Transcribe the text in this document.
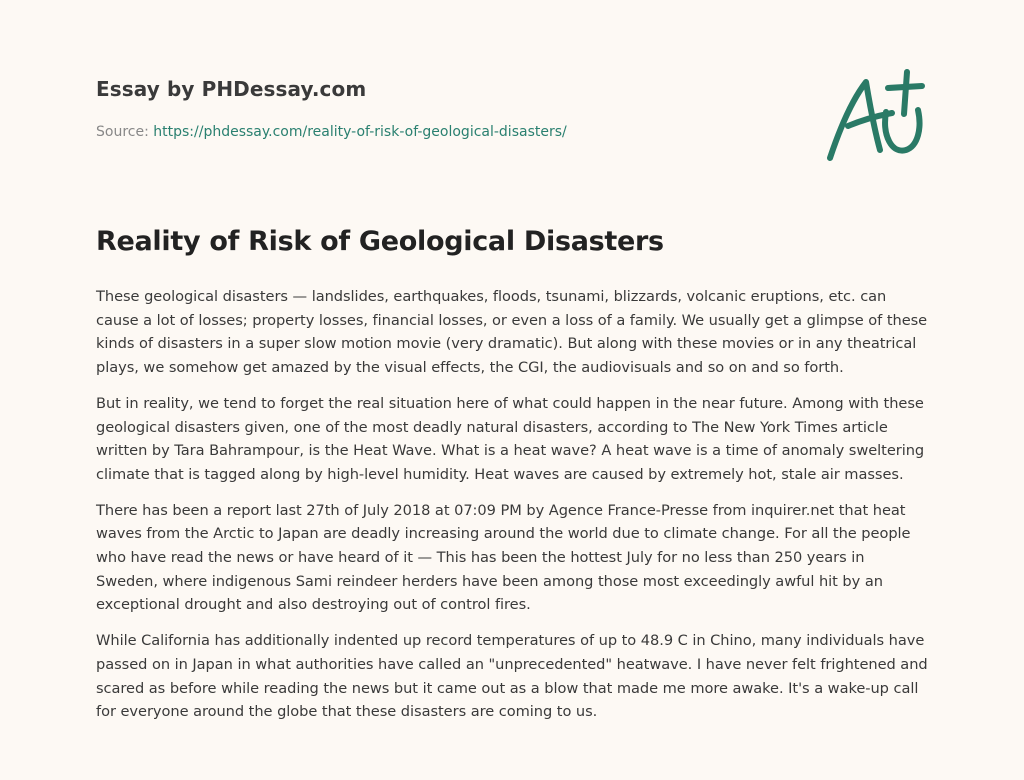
Essay by PHDessay.com

Source: https://phdessay.com/reality-of-risk-of-geological-disasters/

Reality of Risk of Geological Disasters

These geological disasters — landslides, earthquakes, floods, tsunami, blizzards, volcanic eruptions, etc. can cause a lot of losses; property losses, financial losses, or even a loss of a family. We usually get a glimpse of these kinds of disasters in a super slow motion movie (very dramatic). But along with these movies or in any theatrical plays, we somehow get amazed by the visual effects, the CGI, the audiovisuals and so on and so forth.

But in reality, we tend to forget the real situation here of what could happen in the near future. Among with these geological disasters given, one of the most deadly natural disasters, according to The New York Times article written by Tara Bahrampour, is the Heat Wave. What is a heat wave? A heat wave is a time of anomaly sweltering climate that is tagged along by high-level humidity. Heat waves are caused by extremely hot, stale air masses.

There has been a report last 27th of July 2018 at 07:09 PM by Agence France-Presse from inquirer.net that heat waves from the Arctic to Japan are deadly increasing around the world due to climate change. For all the people who have read the news or have heard of it — This has been the hottest July for no less than 250 years in Sweden, where indigenous Sami reindeer herders have been among those most exceedingly awful hit by an exceptional drought and also destroying out of control fires.

While California has additionally indented up record temperatures of up to 48.9 C in Chino, many individuals have passed on in Japan in what authorities have called an "unprecedented" heatwave. I have never felt frightened and scared as before while reading the news but it came out as a blow that made me more awake. It's a wake-up call for everyone around the globe that these disasters are coming to us.
